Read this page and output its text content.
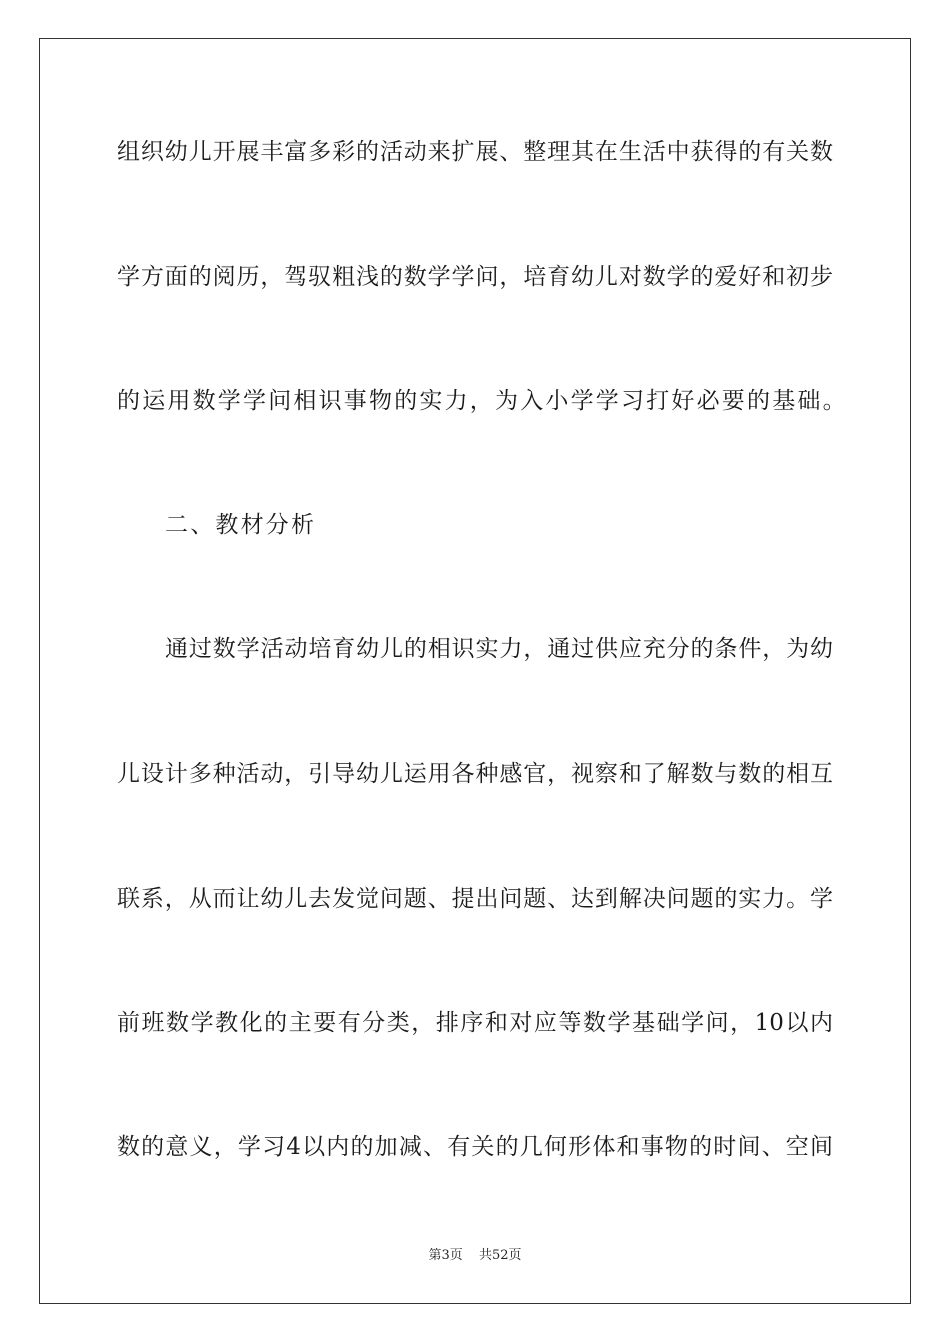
组织幼儿开展丰富多彩的活动来扩展、整理其在生活中获得的有关数
学方面的阅历，驾驭粗浅的数学学问，培育幼儿对数学的爱好和初步
的运用数学学问相识事物的实力，为入小学学习打好必要的基础。
二、教材分析
通过数学活动培育幼儿的相识实力，通过供应充分的条件，为幼
儿设计多种活动，引导幼儿运用各种感官，视察和了解数与数的相互
联系，从而让幼儿去发觉问题、提出问题、达到解决问题的实力。学
前班数学教化的主要有分类，排序和对应等数学基础学问，10以内
数的意义，学习4以内的加减、有关的几何形体和事物的时间、空间
第3页 共52页
